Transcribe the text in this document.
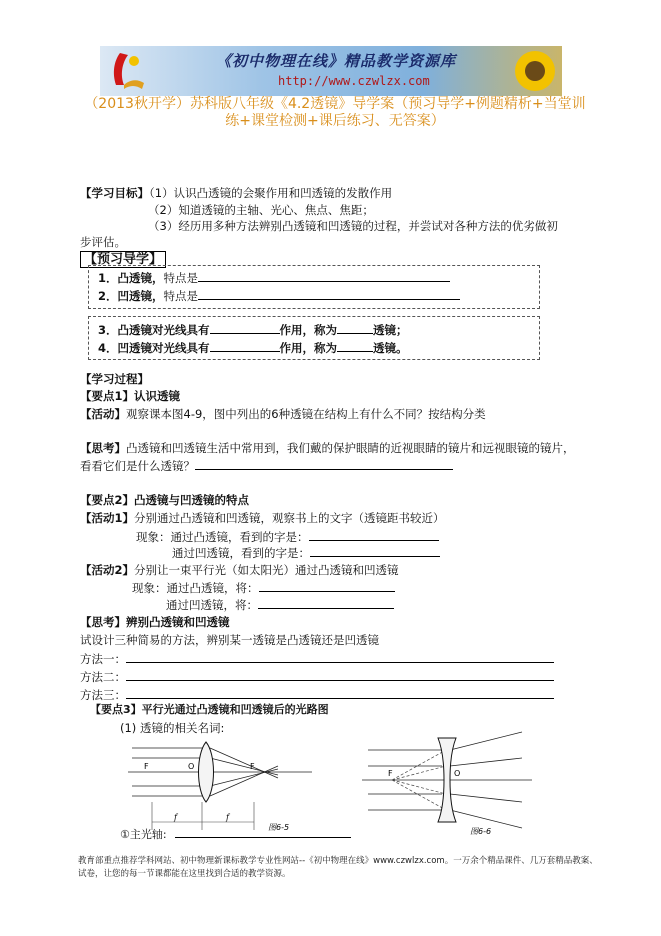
《初中物理在线》精品教学资源库
http://www.czwlzx.com
（2013秋开学）苏科版八年级《4.2透镜》导学案（预习导学+例题精析+当堂训练+课堂检测+课后练习、无答案）
【学习目标】（1）认识凸透镜的会聚作用和凹透镜的发散作用
（2）知道透镜的主轴、光心、焦点、焦距；
（3）经历用多种方法辨别凸透镜和凹透镜的过程，并尝试对各种方法的优劣做初
步评估。
【预习导学】
1．凸透镜，特点是
2．凹透镜，特点是
3．凸透镜对光线具有	作用，称为	透镜；
4．凹透镜对光线具有	作用，称为	透镜。
【学习过程】
【要点1】认识透镜
【活动】观察课本图4-9，图中列出的6种透镜在结构上有什么不同？按结构分类
【思考】凸透镜和凹透镜生活中常用到，我们戴的保护眼睛的近视眼睛的镜片和远视眼镜的镜片，
看看它们是什么透镜？
【要点2】凸透镜与凹透镜的特点
【活动1】分别通过凸透镜和凹透镜，观察书上的文字（透镜距书较近）
现象：通过凸透镜，看到的字是：
通过凹透镜，看到的字是：
【活动2】分别让一束平行光（如太阳光）通过凸透镜和凹透镜
现象：通过凸透镜，将：
通过凹透镜，将：
【思考】辨别凸透镜和凹透镜
试设计三种简易的方法，辨别某一透镜是凸透镜还是凹透镜
方法一：
方法二：
方法三：
【要点3】平行光通过凸透镜和凹透镜后的光路图
(1) 透镜的相关名词:
F	O	F
f	f
图6-5
F	O
图6-6
①主光轴:
教育部重点推荐学科网站、初中物理新课标教学专业性网站--《初中物理在线》www.czwlzx.com。一万余个精品课件、几万套精品教案、试卷，让您的每一节课都能在这里找到合适的教学资源。
